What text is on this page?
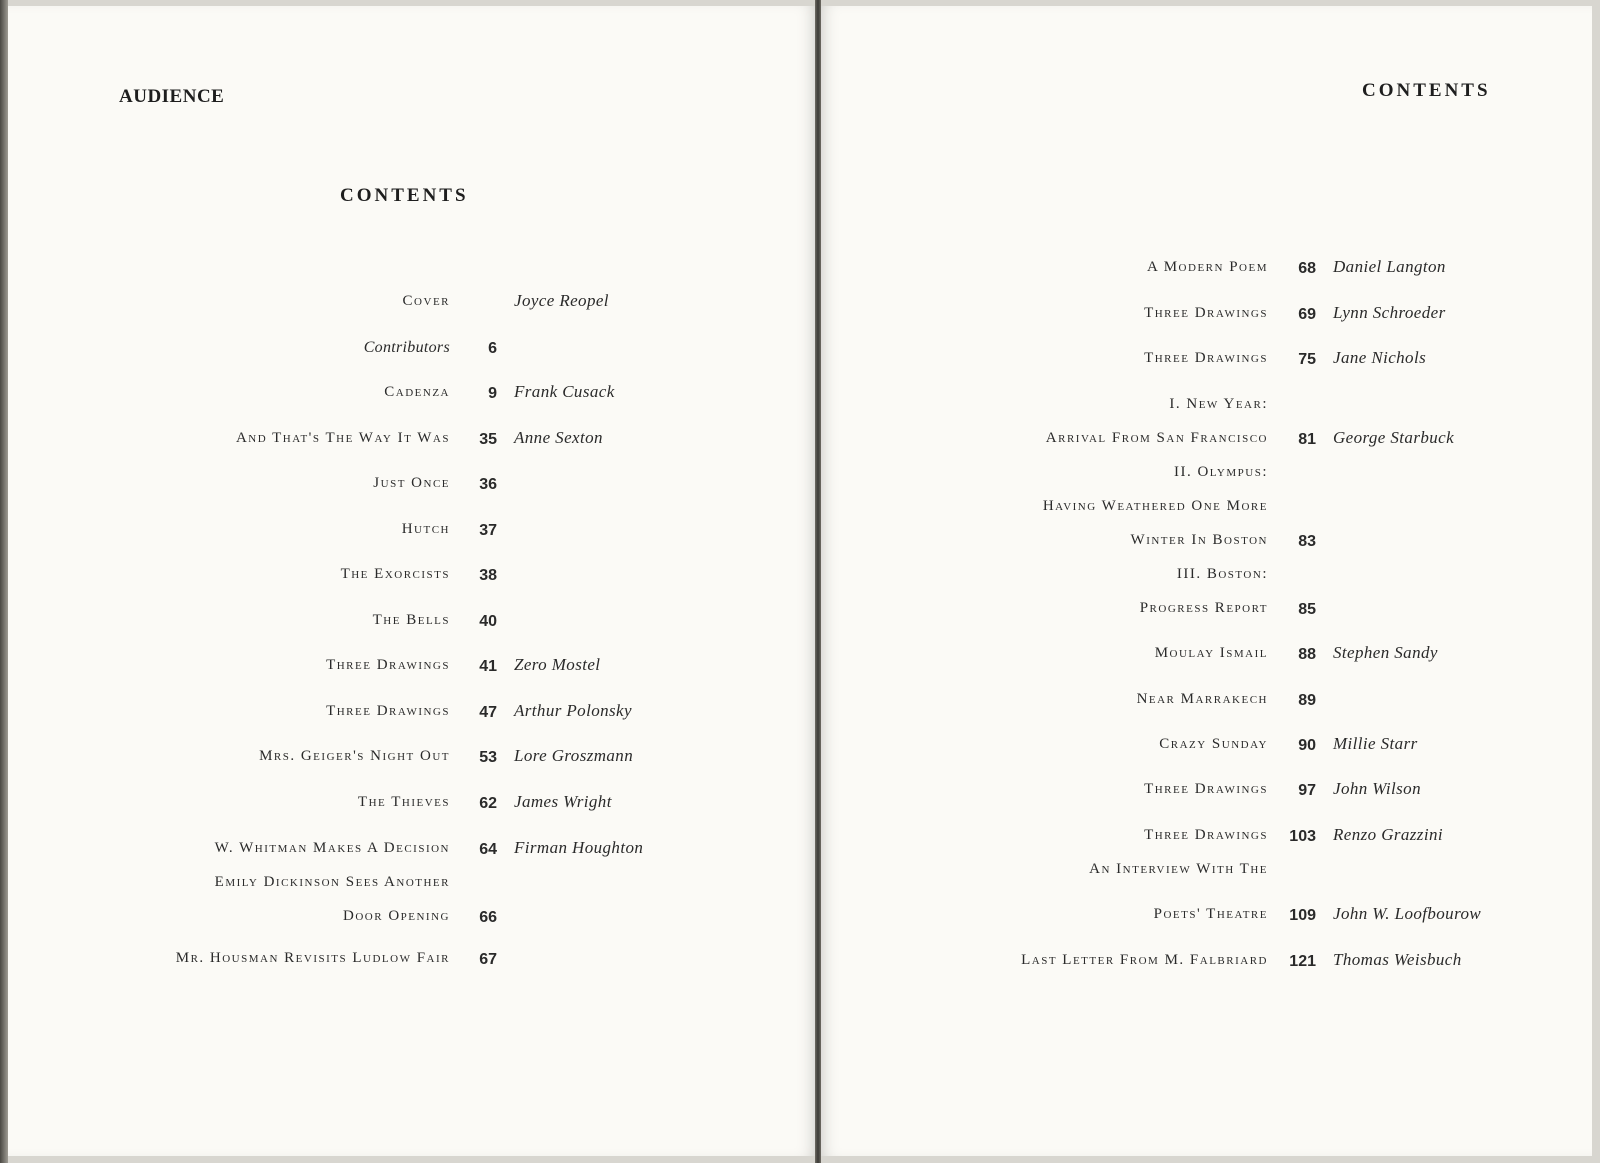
AUDIENCE	CONTENTS
CONTENTS
Cover	Joyce Reopel
Contributors	6
Cadenza	9 Frank Cusack
And That's The Way It Was	35 Anne Sexton
Just Once	36
Hutch	37
The Exorcists	38
The Bells	40
Three Drawings	41 Zero Mostel
Three Drawings	47 Arthur Polonsky
Mrs. Geiger's Night Out	53 Lore Groszmann
The Thieves	62 James Wright
W. Whitman Makes A Decision	64 Firman Houghton
Emily Dickinson Sees Another
Door Opening	66
Mr. Housman Revisits Ludlow Fair	67
A Modern Poem	68 Daniel Langton
Three Drawings	69 Lynn Schroeder
Three Drawings	75 Jane Nichols
I. New Year:
Arrival From San Francisco	81 George Starbuck
II. Olympus:
Having Weathered One More
Winter In Boston	83
III. Boston:
Progress Report	85
Moulay Ismail	88 Stephen Sandy
Near Marrakech	89
Crazy Sunday	90 Millie Starr
Three Drawings	97 John Wilson
Three Drawings	103 Renzo Grazzini
An Interview With The
Poets' Theatre	109 John W. Loofbourow
Last Letter From M. Falbriard	121 Thomas Weisbuch
